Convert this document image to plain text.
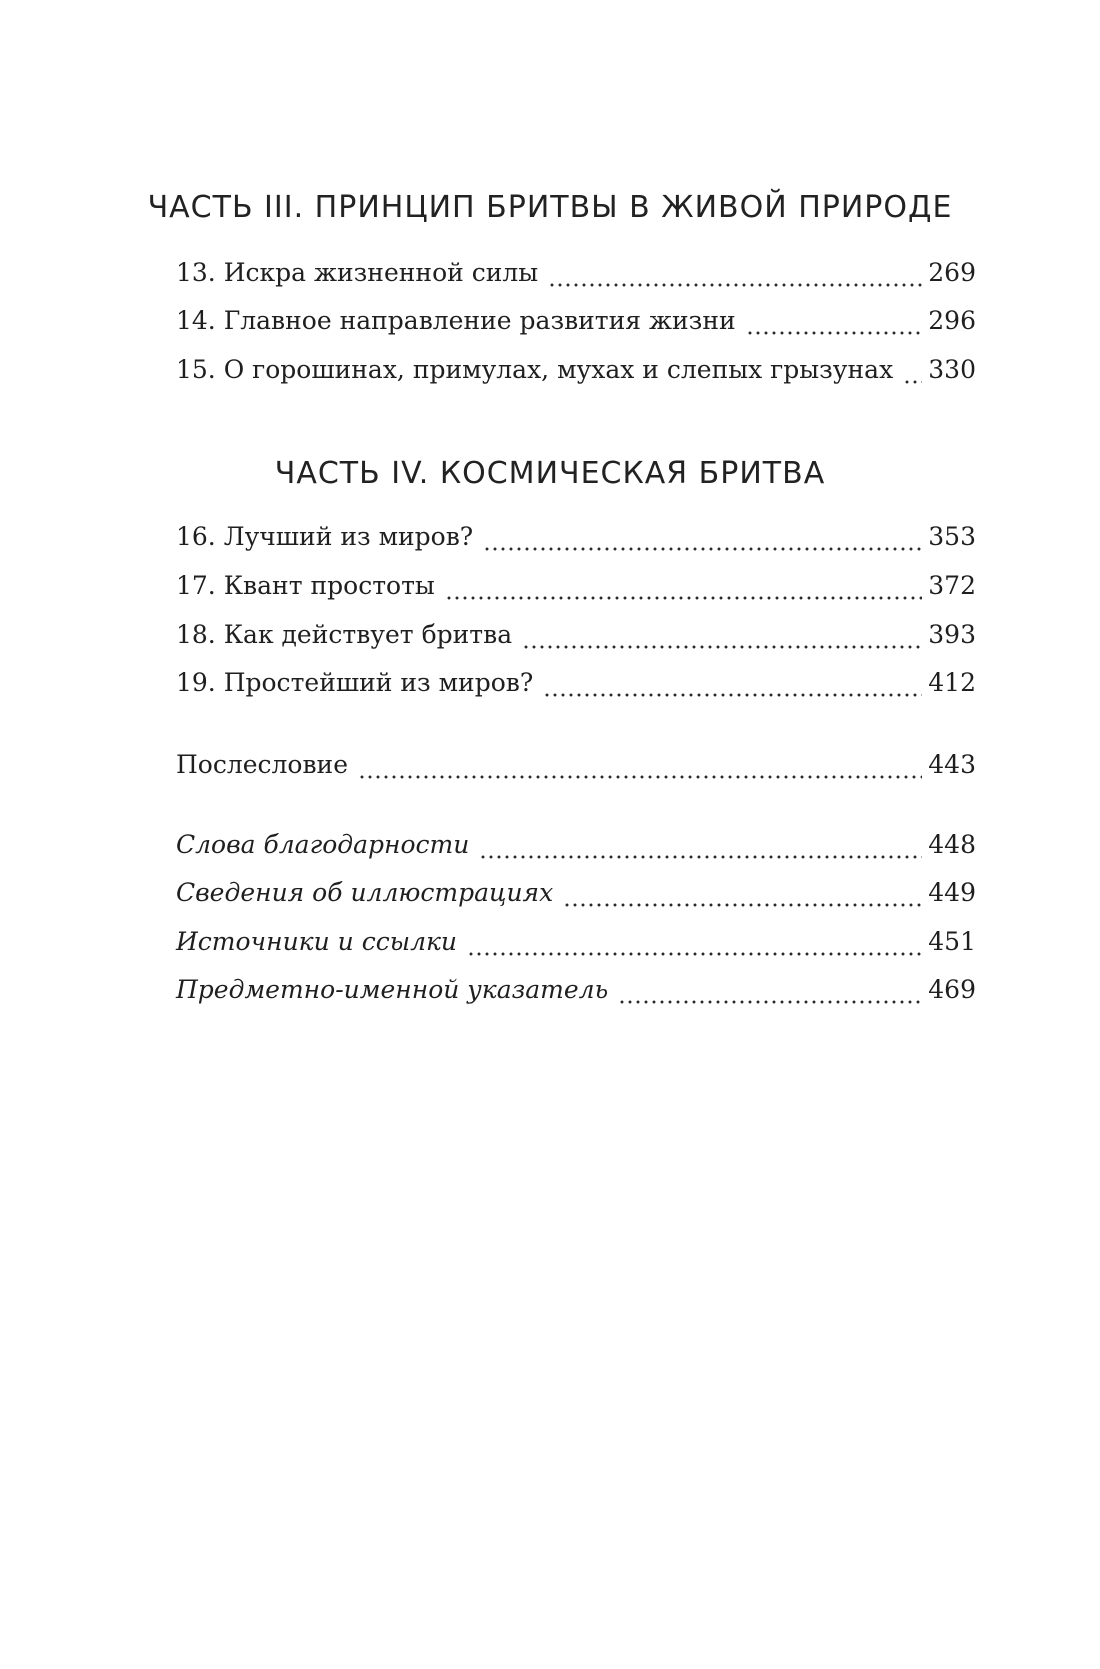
ЧАСТЬ III. ПРИНЦИП БРИТВЫ В ЖИВОЙ ПРИРОДЕ
13. Искра жизненной силы	269
14. Главное направление развития жизни	296
15. О горошинах, примулах, мухах и слепых грызунах 330
ЧАСТЬ IV. КОСМИЧЕСКАЯ БРИТВА
16. Лучший из миров?	353
17. Квант простоты	372
18. Как действует бритва	393
19. Простейший из миров?	412
Послесловие	443
Слова благодарности	448
Сведения об иллюстрациях	449
Источники и ссылки	451
Предметно-именной указатель	469
